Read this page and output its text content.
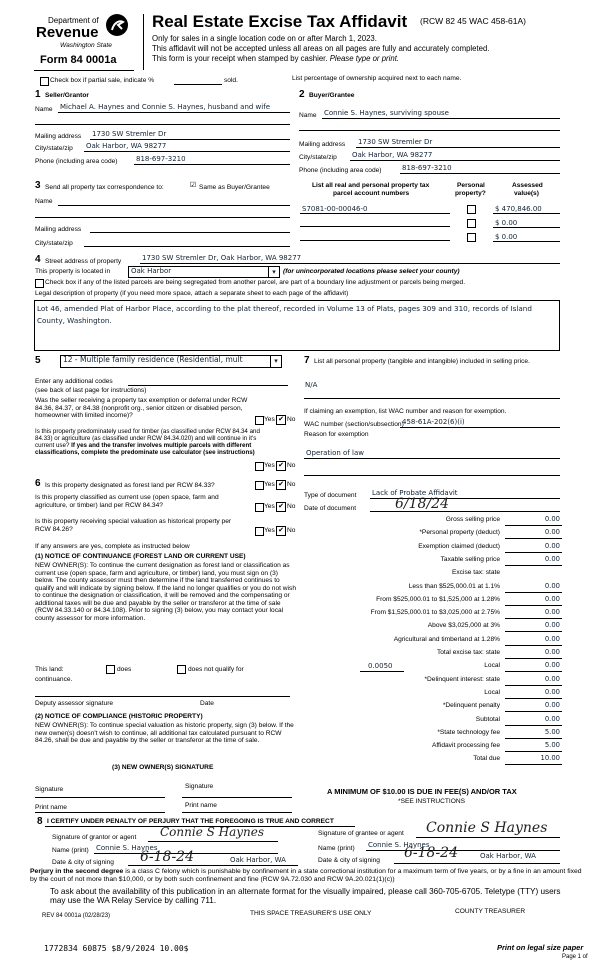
Department of
Revenue
Washington State
Form 84 0001a
Real Estate Excise Tax Affidavit (RCW 82 45 WAC 458-61A)
Only for sales in a single location code on or after March 1, 2023.
This affidavit will not be accepted unless all areas on all pages are fully and accurately completed.
This form is your receipt when stamped by cashier. Please type or print.
Check box if partial sale, indicate %	sold.	List percentage of ownership acquired next to each name.
1 Seller/Grantor
Name Michael A. Haynes and Connie S. Haynes, husband and wife
Mailing address 1730 SW Stremler Dr
City/state/zip Oak Harbor, WA 98277
Phone (including area code)	818-697-3210
2 Buyer/Grantee
Name Connie S. Haynes, surviving spouse
Mailing address 1730 SW Stremler Dr
City/state/zip Oak Harbor, WA 98277
Phone (including area code)	818-697-3210
3 Send all property tax correspondence to:	☑ Same as Buyer/Grantee
Name
Mailing address
City/state/zip
List all real and personal property tax
parcel account numbers
Personal
property?
Assessed
value(s)
S7081-00-00046-0	$ 470,846.00
$ 0.00
$ 0.00
4 Street address of property	1730 SW Stremler Dr, Oak Harbor, WA 98277
This property is located in	Oak Harbor	▾	(for unincorporated locations please select your county)
Check box if any of the listed parcels are being segregated from another parcel, are part of a boundary line adjustment or parcels being merged.
Legal description of property (if you need more space, attach a separate sheet to each page of the affidavit)
Lot 46, amended Plat of Harbor Place, according to the plat thereof, recorded in Volume 13 of Plats, pages 309 and 310, records of Island County, Washington.
5	12 - Multiple family residence (Residential, mult	▾
Enter any additional codes
(see back of last page for instructions)
Was the seller receiving a property tax exemption or deferral under RCW 84.36, 84.37, or 84.38 (nonprofit org., senior citizen or disabled person, homeowner with limited income)?
Yes ✔ No
Is this property predominately used for timber (as classified under RCW 84.34 and 84.33) or agriculture (as classified under RCW 84.34.020) and will continue in it's current use? If yes and the transfer involves multiple parcels with different classifications, complete the predominate use calculator (see instructions)
Yes ✔ No
6 Is this property designated as forest land per RCW 84.33?	Yes ✔ No
Is this property classified as current use (open space, farm and agriculture, or timber) land per RCW 84.34?	Yes ✔ No
Is this property receiving special valuation as historical property per RCW 84.26?	Yes ✔ No
If any answers are yes, complete as instructed below
(1) NOTICE OF CONTINUANCE (FOREST LAND OR CURRENT USE)
NEW OWNER(S): To continue the current designation as forest land or classification as current use (open space, farm and agriculture, or timber) land, you must sign on (3) below. The county assessor must then determine if the land transferred continues to qualify and will indicate by signing below. If the land no longer qualifies or you do not wish to continue the designation or classification, it will be removed and the compensating or additional taxes will be due and payable by the seller or transferor at the time of sale (RCW 84.33.140 or 84.34.108). Prior to signing (3) below, you may contact your local county assessor for more information.
This land:	does	does not qualify for
continuance.
Deputy assessor signature	Date
(2) NOTICE OF COMPLIANCE (HISTORIC PROPERTY)
NEW OWNER(S): To continue special valuation as historic property, sign (3) below. If the new owner(s) doesn't wish to continue, all additional tax calculated pursuant to RCW 84.26, shall be due and payable by the seller or transferor at the time of sale.
(3) NEW OWNER(S) SIGNATURE
Signature	Signature
Print name	Print name
7 List all personal property (tangible and intangible) included in selling price.
N/A
If claiming an exemption, list WAC number and reason for exemption.
WAC number (section/subsection)
458-61A-202(6)(i)
Reason for exemption
Operation of law
Type of document Lack of Probate Affidavit
Date of document	6/18/24
Gross selling price	0.00
*Personal property (deduct)	0.00
Exemption claimed (deduct)	0.00
Taxable selling price	0.00
Excise tax: state
Less than $525,000.01 at 1.1%	0.00
From $525,000.01 to $1,525,000 at 1.28%	0.00
From $1,525,000.01 to $3,025,000 at 2.75%	0.00
Above $3,025,000 at 3%	0.00
Agricultural and timberland at 1.28%	0.00
Total excise tax: state	0.00
0.0050	Local	0.00
*Delinquent interest: state	0.00
Local	0.00
*Delinquent penalty	0.00
Subtotal	0.00
*State technology fee	5.00
Affidavit processing fee	5.00
Total due	10.00
A MINIMUM OF $10.00 IS DUE IN FEE(S) AND/OR TAX
*SEE INSTRUCTIONS
8 I CERTIFY UNDER PENALTY OF PERJURY THAT THE FOREGOING IS TRUE AND CORRECT
Signature of grantor or agent Connie S Haynes
Name (print) Connie S. Haynes
Date & city of signing 6-18-24	Oak Harbor, WA
Signature of grantee or agent Connie S Haynes
Name (print) Connie S. Haynes
Date & city of signing 6-18-24	Oak Harbor, WA
Perjury in the second degree is a class C felony which is punishable by confinement in a state correctional institution for a maximum term of five years, or by a fine in an amount fixed by the court of not more than $10,000, or by both such confinement and fine (RCW 9A.72.030 and RCW 9A.20.021(1)(c))
To ask about the availability of this publication in an alternate format for the visually impaired, please call 360-705-6705. Teletype (TTY) users may use the WA Relay Service by calling 711.
REV 84 0001a (02/28/23)	THIS SPACE TREASURER'S USE ONLY	COUNTY TREASURER
1772834 60875 $8/9/2024 10.00$	Print on legal size paper
Page 1 of
